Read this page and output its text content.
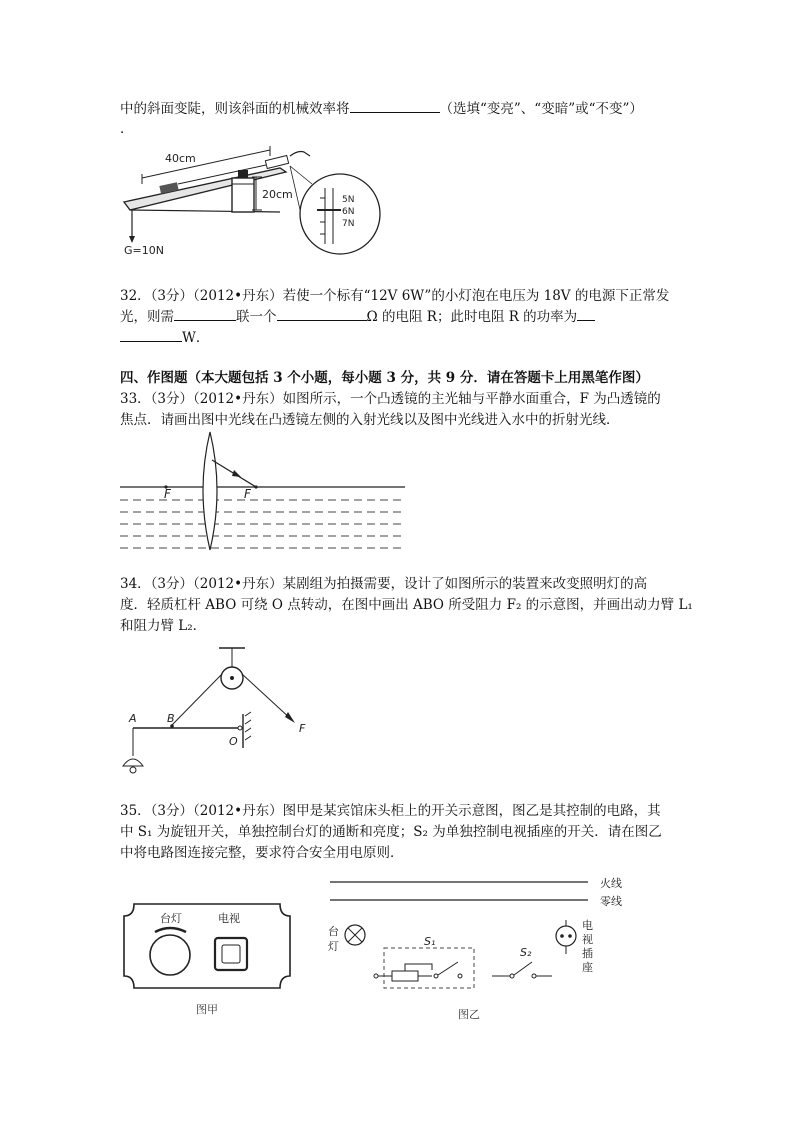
中的斜面变陡，则该斜面的机械效率将	（选填“变亮”、“变暗”或“不变”）
．
40cm
20cm
G=10N
5N
6N
7N
32．（3分）（2012•丹东）若使一个标有“12V 6W”的小灯泡在电压为 18V 的电源下正常发
光，则需	联一个	Ω 的电阻 R；此时电阻 R 的功率为
W．
四、作图题（本大题包括 3 个小题，每小题 3 分，共 9 分．请在答题卡上用黑笔作图）
33．（3分）（2012•丹东）如图所示，一个凸透镜的主光轴与平静水面重合，F 为凸透镜的
焦点．请画出图中光线在凸透镜左侧的入射光线以及图中光线进入水中的折射光线．
F	F
34．（3分）（2012•丹东）某剧组为拍摄需要，设计了如图所示的装置来改变照明灯的高
度．轻质杠杆 ABO 可绕 O 点转动，在图中画出 ABO 所受阻力 F₂ 的示意图，并画出动力臂 L₁
和阻力臂 L₂．
A	B
O
F
35．（3分）（2012•丹东）图甲是某宾馆床头柜上的开关示意图，图乙是其控制的电路，其
中 S₁ 为旋钮开关，单独控制台灯的通断和亮度；S₂ 为单独控制电视插座的开关．请在图乙
中将电路图连接完整，要求符合安全用电原则．
台灯	电视
图甲
火线
零线
台
灯	S₁
S₂
电
视
插
座
图乙
